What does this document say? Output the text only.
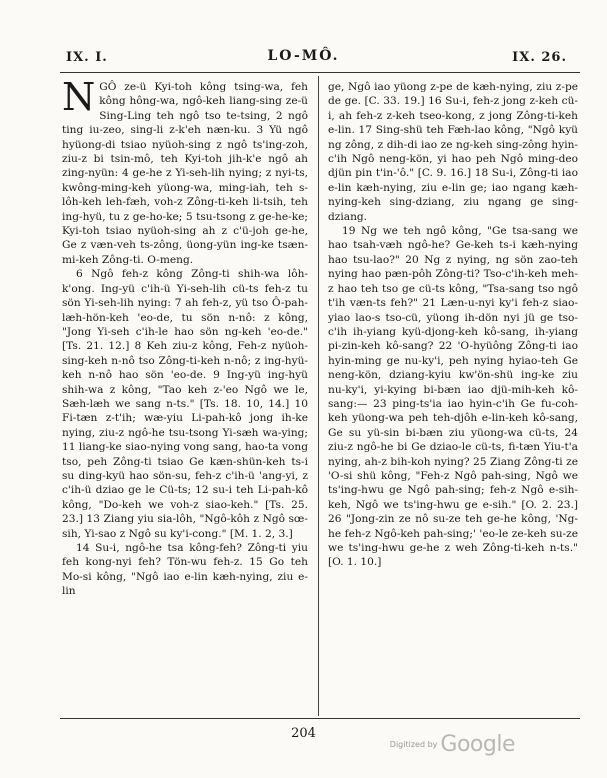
IX. I.	LO-MÔ.	IX. 26.

NGÔ ze-ü Kyi-toh kông tsing-wa, feh kông hông-wa, ngô-keh liang-sing ze-ü Sing-Ling teh ngô tso te-tsing, 2 ngô ting iu-zeo, sing-li z-k'eh næn-ku. 3 Yü ngô hyüong-di tsiao nyüoh-sing z ngô ts'ing-zoh, ziu-z bi tsin-mô, teh Kyi-toh jih-k'e ngô ah zing-nyün: 4 ge-he z Yi-seh-lih nying; z nyi-ts, kwông-ming-keh yüong-wa, ming-iah, teh s-lôh-keh leh-fæh, voh-z Zông-ti-keh li-tsih, teh ing-hyü, tu z ge-ho-ke; 5 tsu-tsong z ge-he-ke; Kyi-toh tsiao nyüoh-sing ah z c'ü-joh ge-he, Ge z væn-veh ts-zông, üong-yün ing-ke tsæn-mi-keh Zông-ti. O-meng.

6 Ngô feh-z kông Zông-ti shih-wa lôh-k'ong. Ing-yü c'ih-ü Yi-seh-lih cü-ts feh-z tu sön Yi-seh-lih nying: 7 ah feh-z, yü tso Ô-pah-læh-hön-keh 'eo-de, tu sön n-nô: z kông, "Jong Yi-seh c'ih-le hao sön ng-keh 'eo-de." [Ts. 21. 12.] 8 Keh ziu-z kông, Feh-z nyüoh-sing-keh n-nô tso Zông-ti-keh n-nô; z ing-hyü-keh n-nô hao sön 'eo-de. 9 Ing-yü ing-hyü shih-wa z kông, "Tao keh z-'eo Ngô we le, Sæh-læh we sang n-ts." [Ts. 18. 10, 14.] 10 Fi-tæn z-t'ih; wæ-yiu Li-pah-kô jong ih-ke nying, ziu-z ngô-he tsu-tsong Yi-sæh wa-ying; 11 liang-ke siao-nying vong sang, hao-ta vong tso, peh Zông-ti tsiao Ge kæn-shün-keh ts-i su ding-kyü hao sön-su, feh-z c'ih-ü 'ang-yi, z c'ih-ü dziao ge le Cü-ts; 12 su-i teh Li-pah-kô kông, "Do-keh we voh-z siao-keh." [Ts. 25. 23.] 13 Ziang yiu sia-lôh, "Ngô-kôh z Ngô sœ-sih, Yi-sao z Ngô su ky'i-cong." [M. 1. 2, 3.]

14 Su-i, ngô-he tsa kông-feh? Zông-ti yiu feh kong-nyi feh? Tön-wu feh-z. 15 Go teh Mo-si kông, "Ngô iao e-lin kæh-nying, ziu e-lin

ge, Ngô iao yüong z-pe de kæh-nying, ziu z-pe de ge. [C. 33. 19.] 16 Su-i, feh-z jong z-keh cü-i, ah feh-z z-keh tseo-kong, z jong Zông-ti-keh e-lin. 17 Sing-shü teh Fæh-lao kông, "Ngô kyü ng zông, z dih-di iao ze ng-keh sing-zông hyin-c'ih Ngô neng-kön, yi hao peh Ngô ming-deo djün pin t'in-'ô." [C. 9. 16.] 18 Su-i, Zông-ti iao e-lin kæh-nying, ziu e-lin ge; iao ngang kæh-nying-keh sing-dziang, ziu ngang ge sing-dziang.

19 Ng we teh ngô kông, "Ge tsa-sang we hao tsah-væh ngô-he? Ge-keh ts-i kæh-nying hao tsu-lao?" 20 Ng z nying, ng sön zao-teh nying hao pæn-pôh Zông-ti? Tso-c'ih-keh meh-z hao teh tso ge cü-ts kông, "Tsa-sang tso ngô t'ih væn-ts feh?" 21 Læn-u-nyi ky'i feh-z siao-yiao lao-s tso-cü, yüong ih-dön nyi jü ge tso-c'ih ih-yiang kyü-djong-keh kô-sang, ih-yiang pi-zin-keh kô-sang? 22 'O-hyüông Zông-ti iao hyin-ming ge nu-ky'i, peh nying hyiao-teh Ge neng-kön, dziang-kyiu kw'ön-shü ing-ke ziu nu-ky'i, yi-kying bi-bæn iao djü-mih-keh kô-sang:— 23 ping-ts'ia iao hyin-c'ih Ge fu-coh-keh yüong-wa peh teh-djôh e-lin-keh kô-sang, Ge su yü-sin bi-bæn ziu yüong-wa cü-ts, 24 ziu-z ngô-he bi Ge dziao-le cü-ts, fi-tæn Yiu-t'a nying, ah-z bih-koh nying? 25 Ziang Zông-ti ze 'O-si shü kông, "Feh-z Ngô pah-sing, Ngô we ts'ing-hwu ge Ngô pah-sing; feh-z Ngô e-sih-keh, Ngô we ts'ing-hwu ge e-sih." [O. 2. 23.] 26 "Jong-zin ze nô su-ze teh ge-he kông, 'Ng-he feh-z Ngô-keh pah-sing;' 'eo-le ze-keh su-ze we ts'ing-hwu ge-he z weh Zông-ti-keh n-ts." [O. 1. 10.]

204
$^{Digitized by}$ Google
